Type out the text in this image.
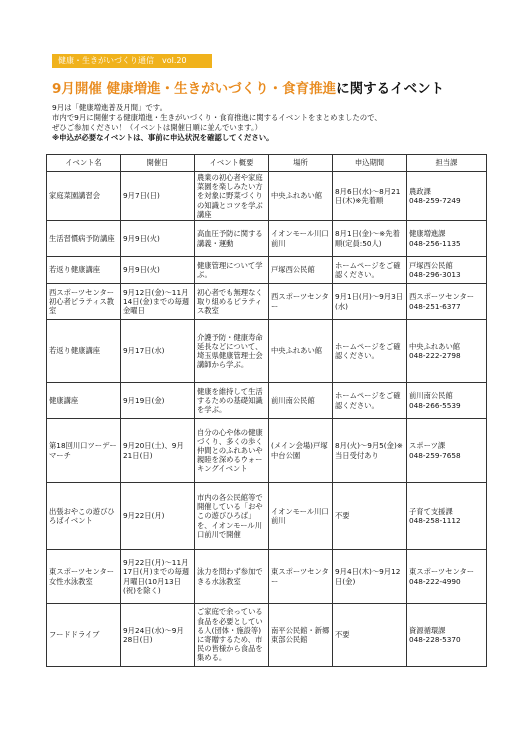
健康・生きがいづくり通信　vol.20
9月開催 健康増進・生きがいづくり・食育推進に関するイベント

9月は「健康増進普及月間」です。

市内で9月に開催する健康増進・生きがいづくり・食育推進に関するイベントをまとめましたので、

ぜひご参加ください！（イベントは開催日順に並んでいます。）

※申込が必要なイベントは、事前に申込状況を確認してください。

イベント名	開催日	イベント概要	場所	申込期間	担当課
家庭菜園講習会	9月7日(日)	農業の初心者や家庭菜園を楽しみたい方を対象に野菜づくりの知識とコツを学ぶ講座	中央ふれあい館	8月6日(水)～8月21日(木)※先着順	農政課
048-259-7249
生活習慣病予防講座	9月9日(火)	高血圧予防に関する講義・運動	イオンモール川口前川	8月1日(金)～※先着順(定員:50人)	健康増進課
048-256-1135
若返り健康講座	9月9日(火)	健康管理について学ぶ。	戸塚西公民館	ホームページをご確認ください。	戸塚西公民館
048-296-3013
西スポーツセンター初心者ピラティス教室	9月12日(金)～11月14日(金)までの毎週金曜日	初心者でも無理なく取り組めるピラティス教室	西スポーツセンター	9月1日(月)～9月3日(水)	西スポーツセンター
048-251-6377
若返り健康講座	9月17日(水)	介護予防・健康寿命延長などについて、埼玉県健康管理士会講師から学ぶ。	中央ふれあい館	ホームページをご確認ください。	中央ふれあい館
048-222-2798
健康講座	9月19日(金)	健康を維持して生活するための基礎知識を学ぶ。	前川南公民館	ホームページをご確認ください。	前川南公民館
048-266-5539
第18回川口ツーデーマーチ	9月20日(土)、9月21日(日)	自分の心や体の健康づくり、多くの歩く仲間とのふれあいや親睦を深めるウォーキングイベント	(メイン会場)戸塚中台公園	8月(火)～9月5(金)※当日受付あり	スポーツ課
048-259-7658
出張おやこの遊びひろばイベント	9月22日(月)	市内の各公民館等で開催している「おやこの遊びひろば」を、イオンモール川口前川で開催	イオンモール川口前川	不要	子育て支援課
048-258-1112
東スポーツセンター女性水泳教室	9月22日(月)～11月17日(月)までの毎週月曜日(10月13日(祝)を除く)	泳力を問わず参加できる水泳教室	東スポーツセンター	9月4日(木)～9月12日(金)	東スポーツセンター
048-222-4990
フードドライブ	9月24日(水)～9月28日(日)	ご家庭で余っている食品を必要としている人(団体・施設等)に寄贈するため、市民の皆様から食品を集める。	南平公民館・新郷東部公民館	不要	資源循環課
048-228-5370
